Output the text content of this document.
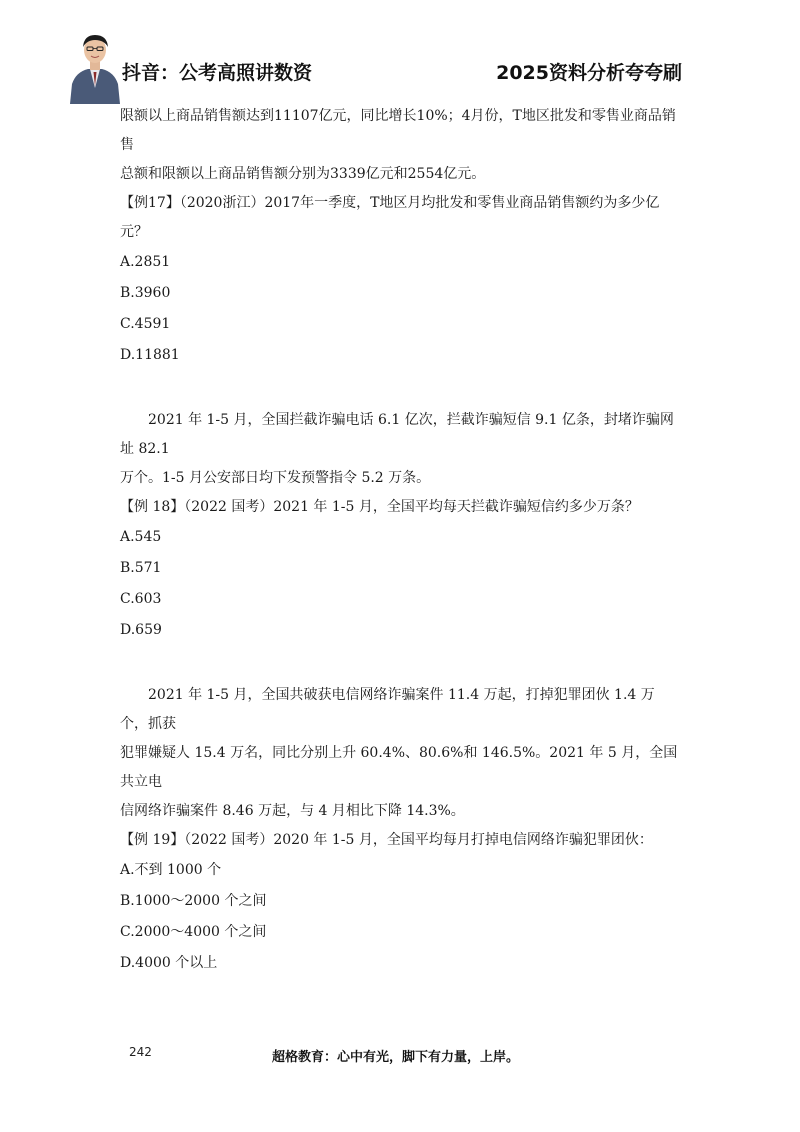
抖音：公考高照讲数资	2025资料分析夸夸刷

限额以上商品销售额达到11107亿元，同比增长10%；4月份，T地区批发和零售业商品销售

总额和限额以上商品销售额分别为3339亿元和2554亿元。

【例17】（2020浙江）2017年一季度，T地区月均批发和零售业商品销售额约为多少亿元？

A.2851

B.3960

C.4591

D.11881

2021 年 1-5 月，全国拦截诈骗电话 6.1 亿次，拦截诈骗短信 9.1 亿条，封堵诈骗网址 82.1

万个。1-5 月公安部日均下发预警指令 5.2 万条。

【例 18】（2022 国考）2021 年 1-5 月，全国平均每天拦截诈骗短信约多少万条？

A.545

B.571

C.603

D.659

2021 年 1-5 月，全国共破获电信网络诈骗案件 11.4 万起，打掉犯罪团伙 1.4 万个，抓获

犯罪嫌疑人 15.4 万名，同比分别上升 60.4%、80.6%和 146.5%。2021 年 5 月，全国共立电

信网络诈骗案件 8.46 万起，与 4 月相比下降 14.3%。

【例 19】（2022 国考）2020 年 1-5 月，全国平均每月打掉电信网络诈骗犯罪团伙：

A.不到 1000 个

B.1000～2000 个之间

C.2000～4000 个之间

D.4000 个以上

242	超格教育：心中有光，脚下有力量，上岸。
